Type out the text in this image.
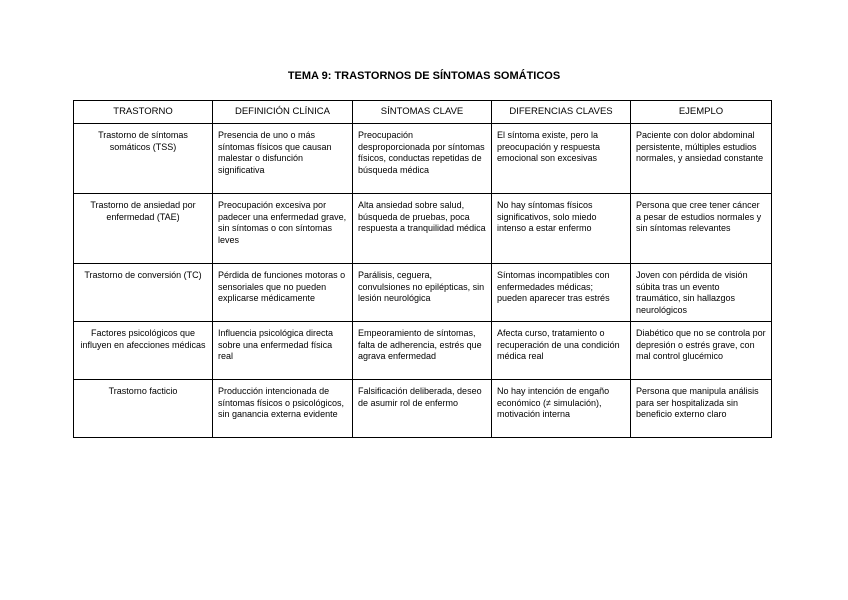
TEMA 9: TRASTORNOS DE SÍNTOMAS SOMÁTICOS
TRASTORNO	DEFINICIÓN CLÍNICA	SÍNTOMAS CLAVE	DIFERENCIAS CLAVES	EJEMPLO
Trastorno de síntomas somáticos (TSS)	Presencia de uno o más síntomas físicos que causan malestar o disfunción significativa	Preocupación desproporcionada por síntomas físicos, conductas repetidas de búsqueda médica	El síntoma existe, pero la preocupación y respuesta emocional son excesivas	Paciente con dolor abdominal persistente, múltiples estudios normales, y ansiedad constante
Trastorno de ansiedad por enfermedad (TAE)	Preocupación excesiva por padecer una enfermedad grave, sin síntomas o con síntomas leves	Alta ansiedad sobre salud, búsqueda de pruebas, poca respuesta a tranquilidad médica	No hay síntomas físicos significativos, solo miedo intenso a estar enfermo	Persona que cree tener cáncer a pesar de estudios normales y sin síntomas relevantes
Trastorno de conversión (TC)	Pérdida de funciones motoras o sensoriales que no pueden explicarse médicamente	Parálisis, ceguera, convulsiones no epilépticas, sin lesión neurológica	Síntomas incompatibles con enfermedades médicas; pueden aparecer tras estrés	Joven con pérdida de visión súbita tras un evento traumático, sin hallazgos neurológicos
Factores psicológicos que influyen en afecciones médicas	Influencia psicológica directa sobre una enfermedad física real	Empeoramiento de síntomas, falta de adherencia, estrés que agrava enfermedad	Afecta curso, tratamiento o recuperación de una condición médica real	Diabético que no se controla por depresión o estrés grave, con mal control glucémico
Trastorno facticio	Producción intencionada de síntomas físicos o psicológicos, sin ganancia externa evidente	Falsificación deliberada, deseo de asumir rol de enfermo	No hay intención de engaño económico (≠ simulación), motivación interna	Persona que manipula análisis para ser hospitalizada sin beneficio externo claro
